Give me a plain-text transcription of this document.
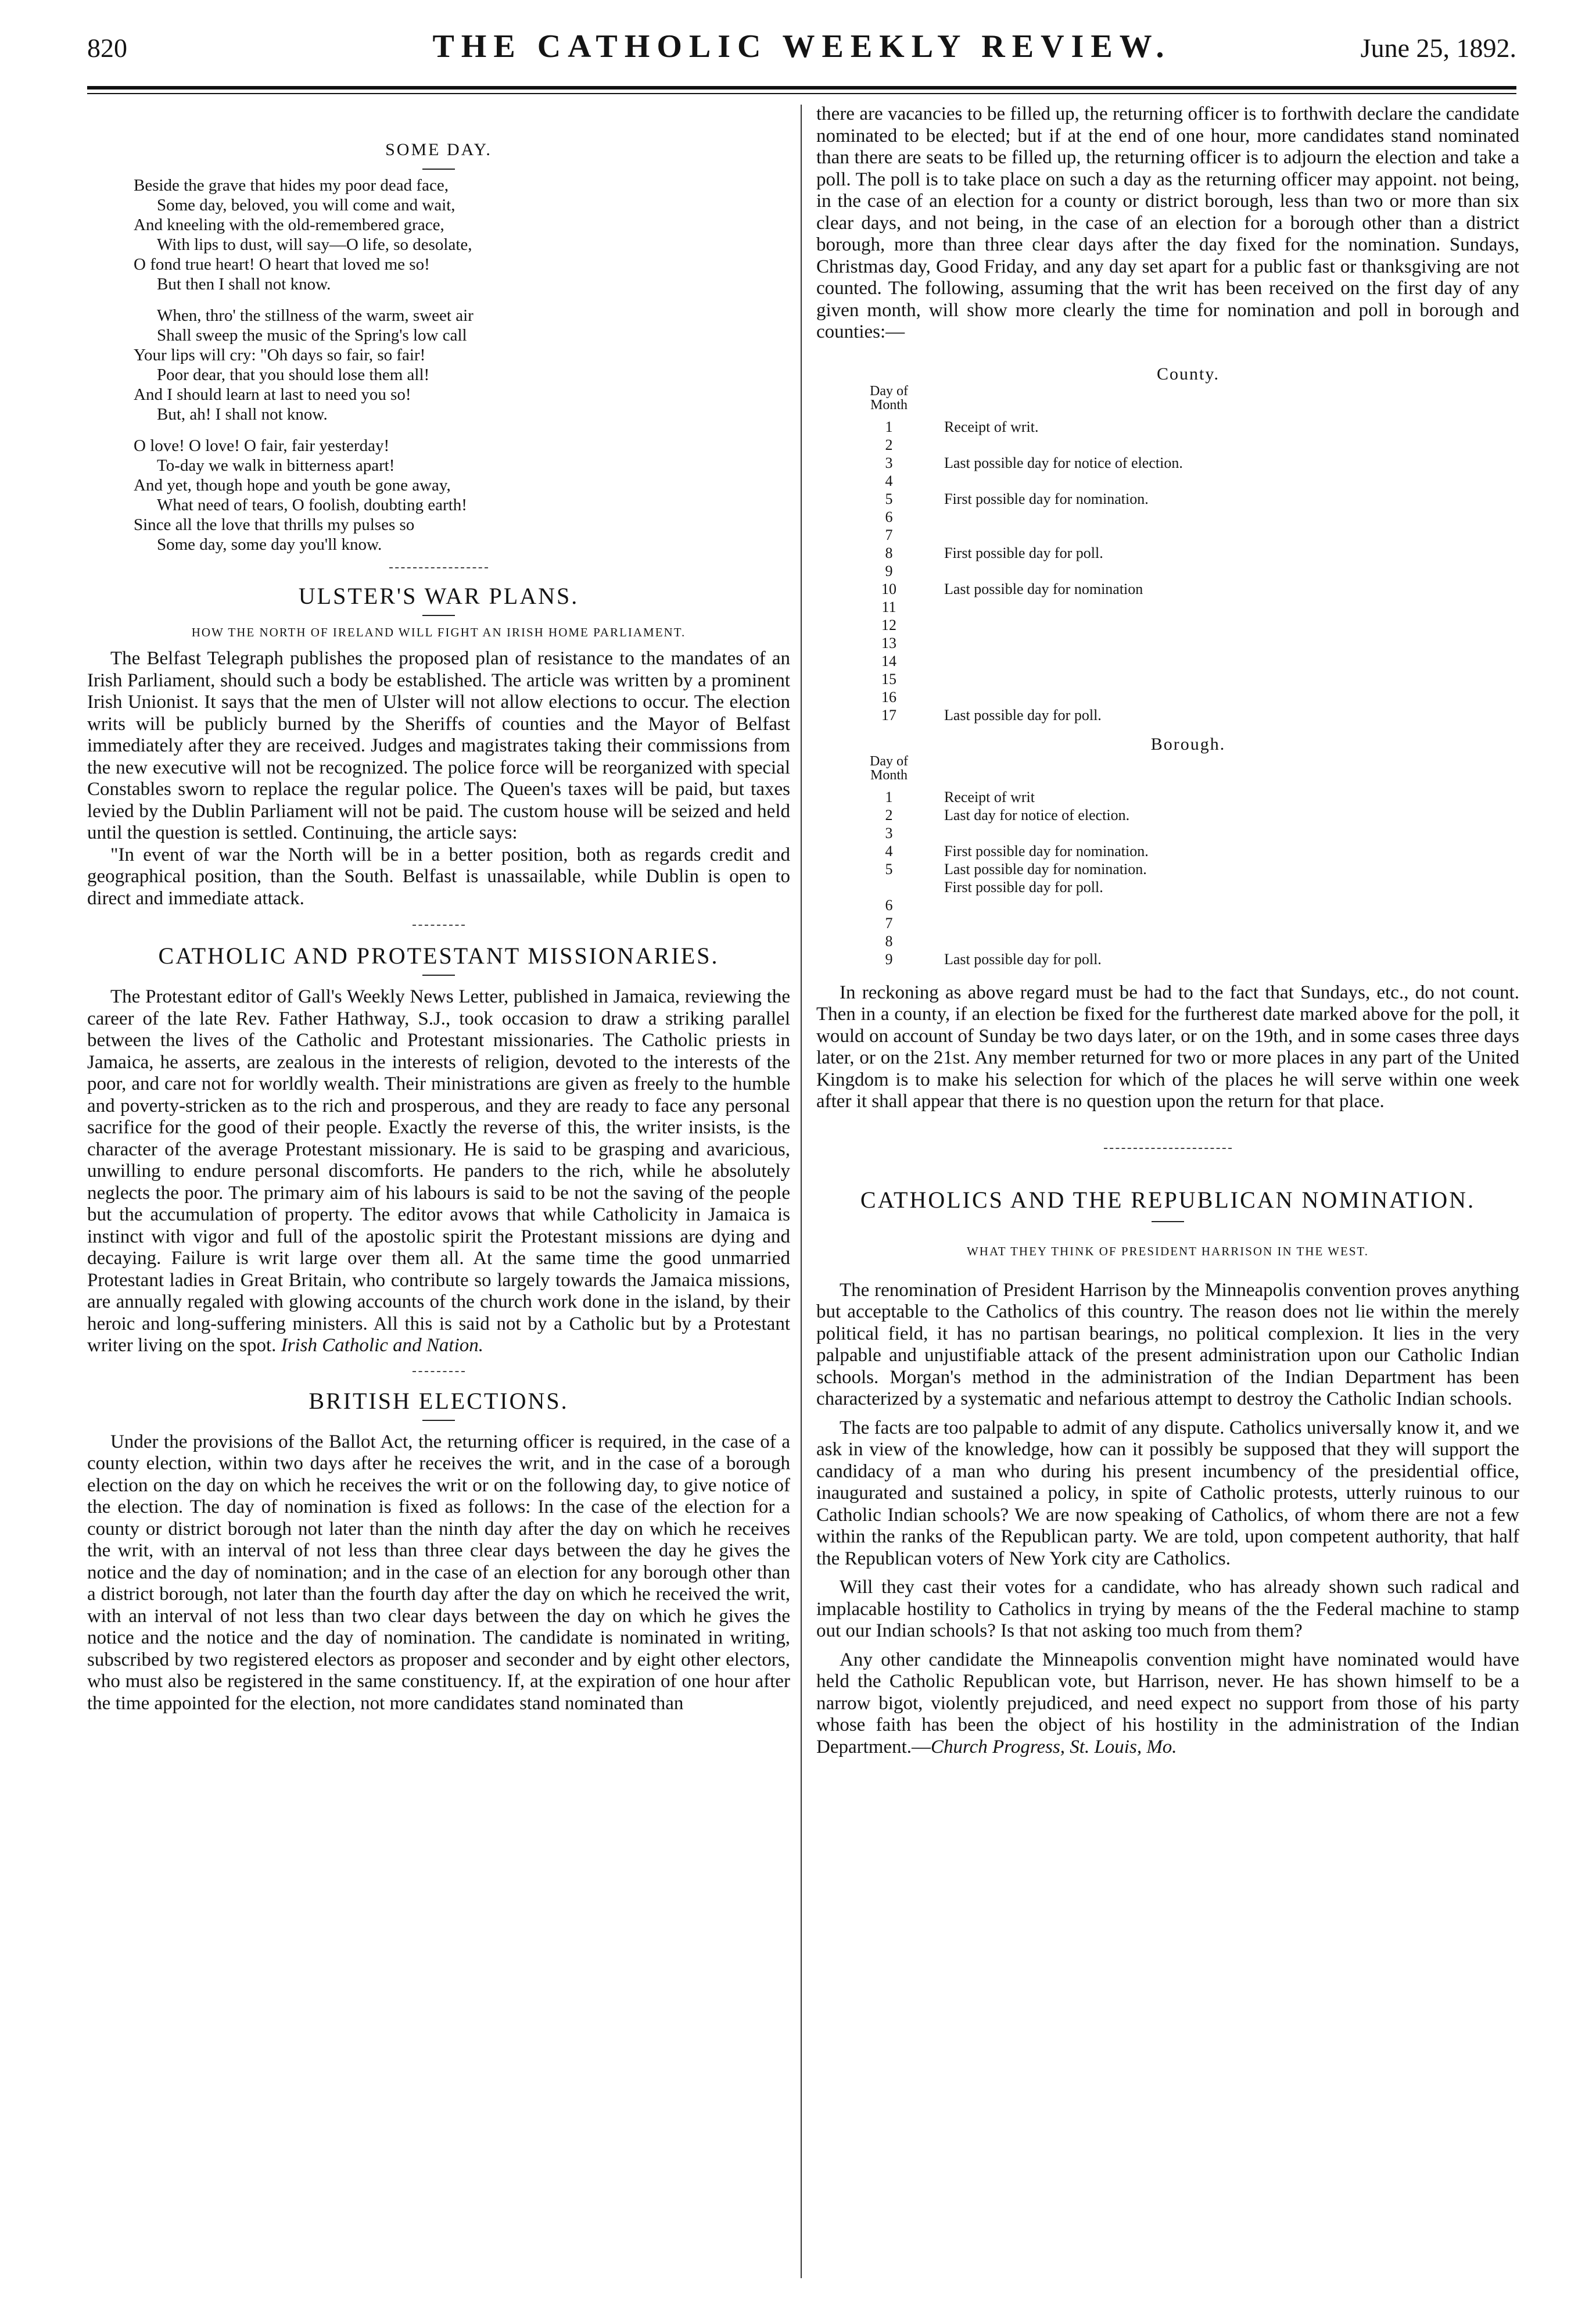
820	THE CATHOLIC WEEKLY REVIEW.	June 25, 1892.
SOME DAY.
Beside the grave that hides my poor dead face,
Some day, beloved, you will come and wait,
And kneeling with the old-remembered grace,
With lips to dust, will say—O life, so desolate,
O fond true heart! O heart that loved me so!
But then I shall not know.
When, thro' the stillness of the warm, sweet air
Shall sweep the music of the Spring's low call
Your lips will cry: "Oh days so fair, so fair!
Poor dear, that you should lose them all!
And I should learn at last to need you so!
But, ah! I shall not know.
O love! O love! O fair, fair yesterday!
To-day we walk in bitterness apart!
And yet, though hope and youth be gone away,
What need of tears, O foolish, doubting earth!
Since all the love that thrills my pulses so
Some day, some day you'll know.
ULSTER'S WAR PLANS.
HOW THE NORTH OF IRELAND WILL FIGHT AN IRISH HOME PARLIAMENT.

The Belfast Telegraph publishes the proposed plan of resistance to the mandates of an Irish Parliament, should such a body be established. The article was written by a prominent Irish Unionist. It says that the men of Ulster will not allow elections to occur. The election writs will be publicly burned by the Sheriffs of counties and the Mayor of Belfast immediately after they are received. Judges and magistrates taking their commissions from the new executive will not be recognized. The police force will be reorganized with special Constables sworn to replace the regular police. The Queen's taxes will be paid, but taxes levied by the Dublin Parliament will not be paid. The custom house will be seized and held until the question is settled. Continuing, the article says:

"In event of war the North will be in a better position, both as regards credit and geographical position, than the South. Belfast is unassailable, while Dublin is open to direct and immediate attack.

CATHOLIC AND PROTESTANT MISSIONARIES.

The Protestant editor of Gall's Weekly News Letter, published in Jamaica, reviewing the career of the late Rev. Father Hathway, S.J., took occasion to draw a striking parallel between the lives of the Catholic and Protestant missionaries. The Catholic priests in Jamaica, he asserts, are zealous in the interests of religion, devoted to the interests of the poor, and care not for worldly wealth. Their ministrations are given as freely to the humble and poverty-stricken as to the rich and prosperous, and they are ready to face any personal sacrifice for the good of their people. Exactly the reverse of this, the writer insists, is the character of the average Protestant missionary. He is said to be grasping and avaricious, unwilling to endure personal discomforts. He panders to the rich, while he absolutely neglects the poor. The primary aim of his labours is said to be not the saving of the people but the accumulation of property. The editor avows that while Catholicity in Jamaica is instinct with vigor and full of the apostolic spirit the Protestant missions are dying and decaying. Failure is writ large over them all. At the same time the good unmarried Protestant ladies in Great Britain, who contribute so largely towards the Jamaica missions, are annually regaled with glowing accounts of the church work done in the island, by their heroic and long-suffering ministers. All this is said not by a Catholic but by a Protestant writer living on the spot. Irish Catholic and Nation.

BRITISH ELECTIONS.

Under the provisions of the Ballot Act, the returning officer is required, in the case of a county election, within two days after he receives the writ, and in the case of a borough election on the day on which he receives the writ or on the following day, to give notice of the election. The day of nomination is fixed as follows: In the case of the election for a county or district borough not later than the ninth day after the day on which he receives the writ, with an interval of not less than three clear days between the day he gives the notice and the day of nomination; and in the case of an election for any borough other than a district borough, not later than the fourth day after the day on which he received the writ, with an interval of not less than two clear days between the day on which he gives the notice and the notice and the day of nomination. The candidate is nominated in writing, subscribed by two registered electors as proposer and seconder and by eight other electors, who must also be registered in the same constituency. If, at the expiration of one hour after the time appointed for the election, not more candidates stand nominated than

there are vacancies to be filled up, the returning officer is to forthwith declare the candidate nominated to be elected; but if at the end of one hour, more candidates stand nominated than there are seats to be filled up, the returning officer is to adjourn the election and take a poll. The poll is to take place on such a day as the returning officer may appoint. not being, in the case of an election for a county or district borough, less than two or more than six clear days, and not being, in the case of an election for a borough other than a district borough, more than three clear days after the day fixed for the nomination. Sundays, Christmas day, Good Friday, and any day set apart for a public fast or thanksgiving are not counted. The following, assuming that the writ has been received on the first day of any given month, will show more clearly the time for nomination and poll in borough and counties:—

County.
Day of Month
1	Receipt of writ.
2
3	Last possible day for notice of election.
4
5	First possible day for nomination.
6
7
8	First possible day for poll.
9
10	Last possible day for nomination
11
12
13
14
15
16
17	Last possible day for poll.
Borough.
Day of Month
1	Receipt of writ
2	Last day for notice of election.
3
4	First possible day for nomination.
5	Last possible day for nomination.
First possible day for poll.
6
7
8
9	Last possible day for poll.

In reckoning as above regard must be had to the fact that Sundays, etc., do not count. Then in a county, if an election be fixed for the furtherest date marked above for the poll, it would on account of Sunday be two days later, or on the 19th, and in some cases three days later, or on the 21st. Any member returned for two or more places in any part of the United Kingdom is to make his selection for which of the places he will serve within one week after it shall appear that there is no question upon the return for that place.

CATHOLICS AND THE REPUBLICAN NOMINATION.
WHAT THEY THINK OF PRESIDENT HARRISON IN THE WEST.

The renomination of President Harrison by the Minneapolis convention proves anything but acceptable to the Catholics of this country. The reason does not lie within the merely political field, it has no partisan bearings, no political complexion. It lies in the very palpable and unjustifiable attack of the present administration upon our Catholic Indian schools. Morgan's method in the administration of the Indian Department has been characterized by a systematic and nefarious attempt to destroy the Catholic Indian schools.

The facts are too palpable to admit of any dispute. Catholics universally know it, and we ask in view of the knowledge, how can it possibly be supposed that they will support the candidacy of a man who during his present incumbency of the presidential office, inaugurated and sustained a policy, in spite of Catholic protests, utterly ruinous to our Catholic Indian schools? We are now speaking of Catholics, of whom there are not a few within the ranks of the Republican party. We are told, upon competent authority, that half the Republican voters of New York city are Catholics.

Will they cast their votes for a candidate, who has already shown such radical and implacable hostility to Catholics in trying by means of the the Federal machine to stamp out our Indian schools? Is that not asking too much from them?

Any other candidate the Minneapolis convention might have nominated would have held the Catholic Republican vote, but Harrison, never. He has shown himself to be a narrow bigot, violently prejudiced, and need expect no support from those of his party whose faith has been the object of his hostility in the administration of the Indian Department.—Church Progress, St. Louis, Mo.
